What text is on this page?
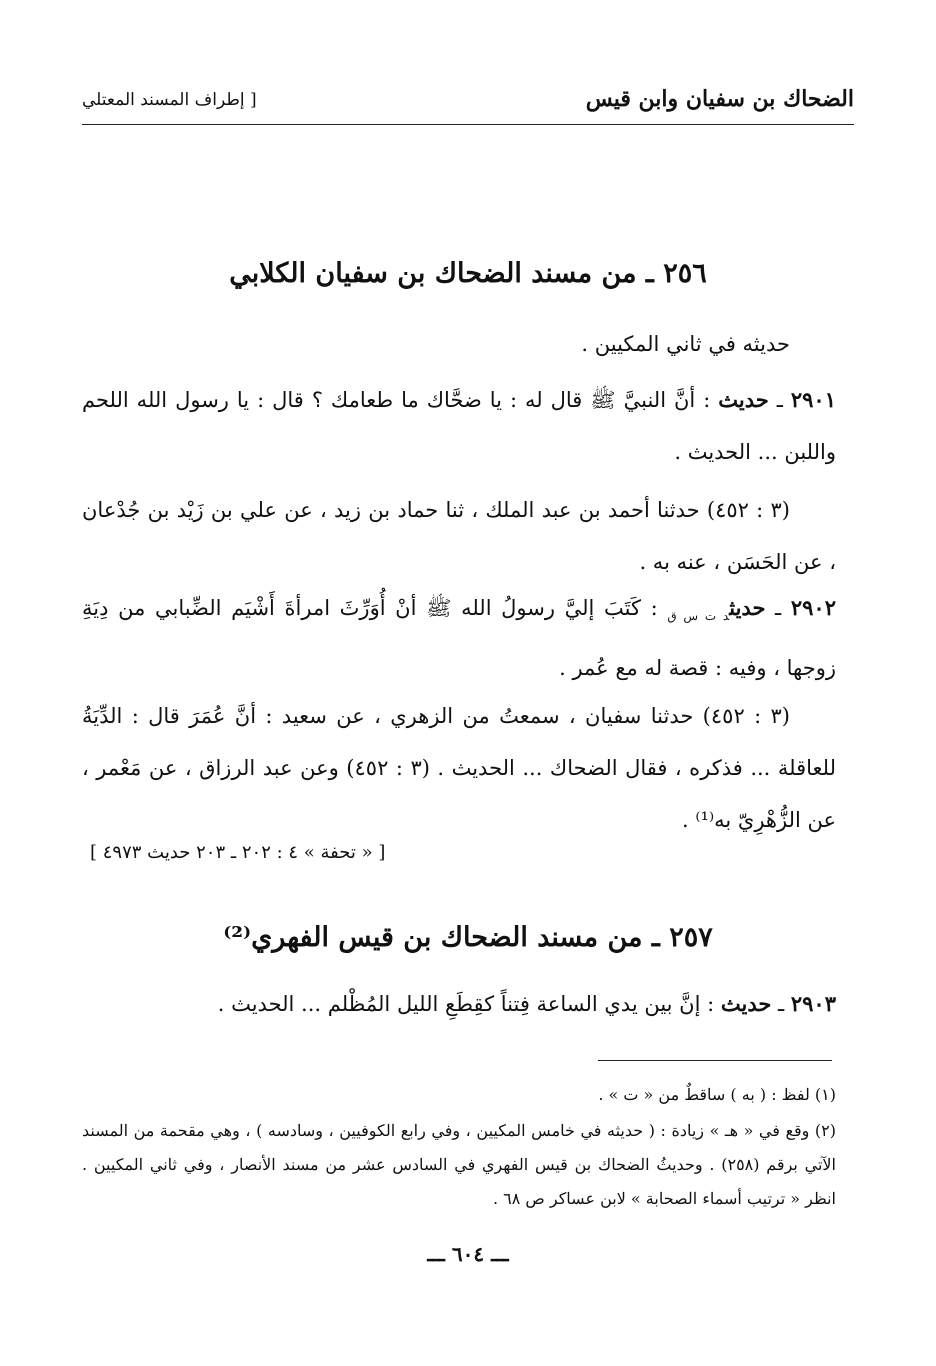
الضحاك بن سفيان وابن قيس
[ إطراف المسند المعتلي
٢٥٦ ـ من مسند الضحاك بن سفيان الكلابي
حديثه في ثاني المكيين .
٢٩٠١ ـ حديث : أنَّ النبيَّ ﷺ قال له : يا ضحَّاك ما طعامك ؟ قال : يا رسول الله اللحم واللبن ... الحديث .
(٣ : ٤٥٢) حدثنا أحمد بن عبد الملك ، ثنا حماد بن زيد ، عن علي بن زَيْد بن جُدْعان ، عن الحَسَن ، عنه به .
٢٩٠٢ ـ حديث$_{د ت س ق}$ : كَتَبَ إليَّ رسولُ الله ﷺ أنْ أُوَرِّثَ امرأةَ أَشْيَم الضِّبابي من دِيَةِ زوجها ، وفيه : قصة له مع عُمر .
(٣ : ٤٥٢) حدثنا سفيان ، سمعتُ من الزهري ، عن سعيد : أنَّ عُمَرَ قال : الدِّيَةُ للعاقلة ... فذكره ، فقال الضحاك ... الحديث . (٣ : ٤٥٢) وعن عبد الرزاق ، عن مَعْمر ، عن الزُّهْرِيّ به⁽¹⁾ .
[ « تحفة » ٤ : ٢٠٢ ـ ٢٠٣ حديث ٤٩٧٣ ]
٢٥٧ ـ من مسند الضحاك بن قيس الفهري⁽²⁾
٢٩٠٣ ـ حديث : إنَّ بين يدي الساعة فِتناً كقِطَعِ الليل المُظْلم ... الحديث .
(١) لفظ : ( به ) ساقطٌ من « ت » .
(٢) وقع في « هـ » زيادة : ( حديثه في خامس المكيين ، وفي رابع الكوفيين ، وسادسه ) ، وهي مقحمة من المسند الآتي برقم (٢٥٨) . وحديثُ الضحاك بن قيس الفهري في السادس عشر من مسند الأنصار ، وفي ثاني المكيين . انظر « ترتيب أسماء الصحابة » لابن عساكر ص ٦٨ .
ـــ ٦٠٤ ـــ
